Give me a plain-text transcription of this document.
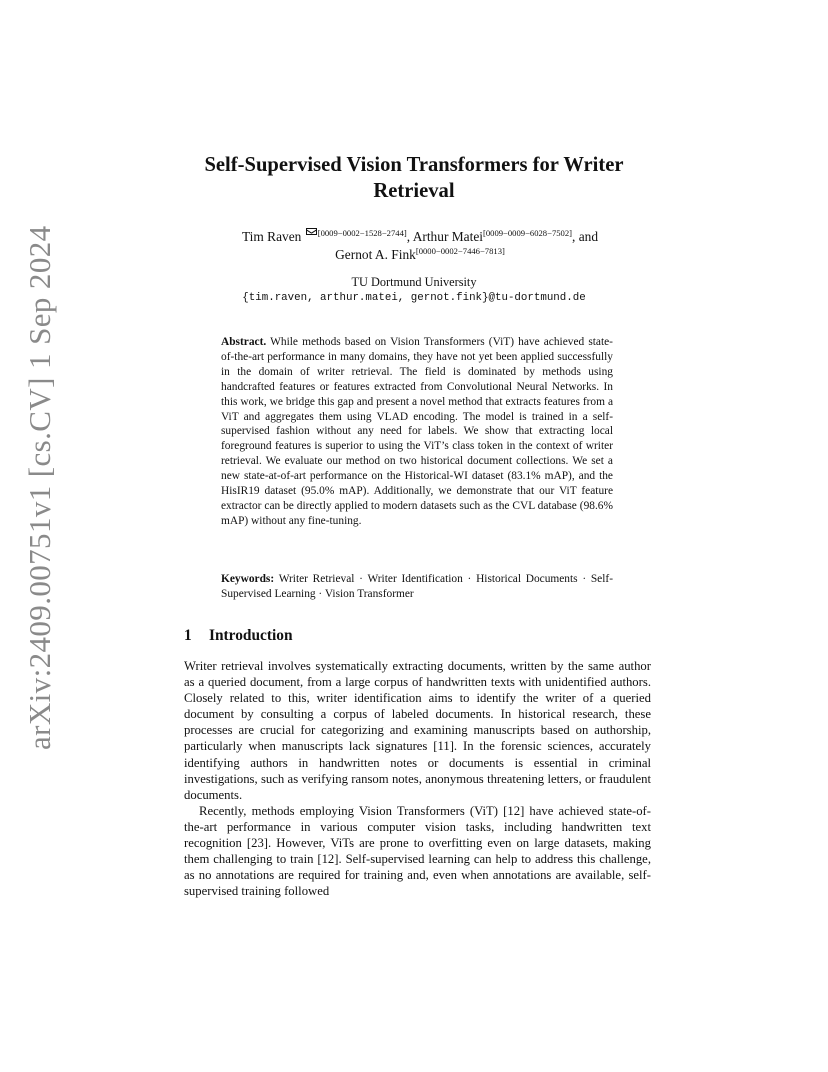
arXiv:2409.00751v1 [cs.CV] 1 Sep 2024
Self-Supervised Vision Transformers for Writer
Retrieval
Tim Raven [0009−0002−1528−2744], Arthur Matei[0009−0009−6028−7502], and
Gernot A. Fink[0000−0002−7446−7813]
TU Dortmund University
{tim.raven, arthur.matei, gernot.fink}@tu-dortmund.de
Abstract. While methods based on Vision Transformers (ViT) have achieved state-of-the-art performance in many domains, they have not yet been applied successfully in the domain of writer retrieval. The field is dominated by methods using handcrafted features or features extracted from Convolutional Neural Networks. In this work, we bridge this gap and present a novel method that extracts features from a ViT and aggregates them using VLAD encoding. The model is trained in a self-supervised fashion without any need for labels. We show that extracting local foreground features is superior to using the ViT’s class token in the context of writer retrieval. We evaluate our method on two historical document collections. We set a new state-at-of-art performance on the Historical-WI dataset (83.1% mAP), and the HisIR19 dataset (95.0% mAP). Additionally, we demonstrate that our ViT feature extractor can be directly applied to modern datasets such as the CVL database (98.6% mAP) without any fine-tuning.
Keywords: Writer Retrieval · Writer Identification · Historical Documents · Self-Supervised Learning · Vision Transformer
1 Introduction

Writer retrieval involves systematically extracting documents, written by the same author as a queried document, from a large corpus of handwritten texts with unidentified authors. Closely related to this, writer identification aims to identify the writer of a queried document by consulting a corpus of labeled documents. In historical research, these processes are crucial for categorizing and examining manuscripts based on authorship, particularly when manuscripts lack signatures [11]. In the forensic sciences, accurately identifying authors in handwritten notes or documents is essential in criminal investigations, such as verifying ransom notes, anonymous threatening letters, or fraudulent documents.

Recently, methods employing Vision Transformers (ViT) [12] have achieved state-of-the-art performance in various computer vision tasks, including handwritten text recognition [23]. However, ViTs are prone to overfitting even on large datasets, making them challenging to train [12]. Self-supervised learning can help to address this challenge, as no annotations are required for training and, even when annotations are available, self-supervised training followed
